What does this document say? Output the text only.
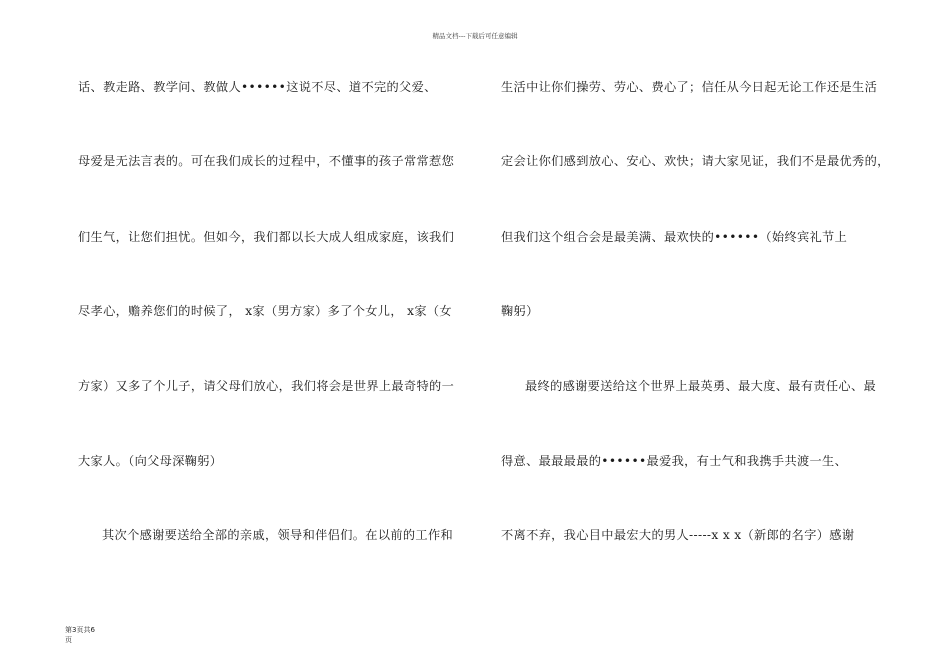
精品文档---下载后可任意编辑
话、教走路、教学问、教做人••••••这说不尽、道不完的父爱、
母爱是无法言表的。可在我们成长的过程中，不懂事的孩子常常惹您
们生气，让您们担忧。但如今，我们都以长大成人组成家庭，该我们
尽孝心，赡养您们的时候了， x家（男方家）多了个女儿， x家（女
方家）又多了个儿子，请父母们放心，我们将会是世界上最奇特的一
大家人。（向父母深鞠躬）
其次个感谢要送给全部的亲戚，领导和伴侣们。在以前的工作和
生活中让你们操劳、劳心、费心了；信任从今日起无论工作还是生活
定会让你们感到放心、安心、欢快；请大家见证，我们不是最优秀的，
但我们这个组合会是最美满、最欢快的••••••（始终宾礼节上
鞠躬）
最终的感谢要送给这个世界上最英勇、最大度、最有责任心、最
得意、最最最最的••••••最爱我，有士气和我携手共渡一生、
不离不弃，我心目中最宏大的男人-----x x x（新郎的名字）感谢
第3页共6
页
